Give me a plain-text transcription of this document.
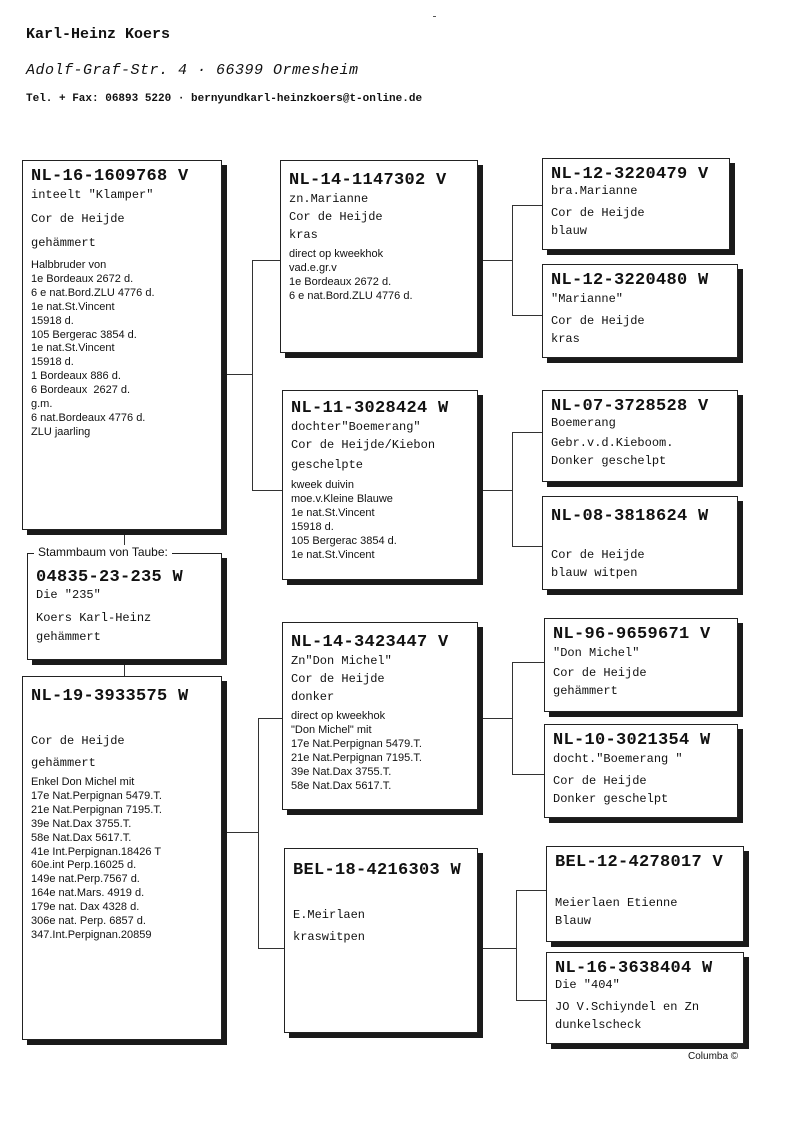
Karl-Heinz Koers
Adolf-Graf-Str. 4 · 66399 Ormesheim
Tel. + Fax: 06893 5220 · bernyundkarl-heinzkoers@t-online.de
NL-16-1609768 V
inteelt "Klamper"
Cor de Heijde
gehämmert
Halbbruder von
1e Bordeaux 2672 d.
6 e nat.Bord.ZLU 4776 d.
1e nat.St.Vincent
15918 d.
105 Bergerac 3854 d.
1e nat.St.Vincent
15918 d.
1 Bordeaux 886 d.
6 Bordeaux  2627 d.
g.m.
6 nat.Bordeaux 4776 d.
ZLU jaarling
Stammbaum von Taube:
04835-23-235 W
Die "235"
Koers Karl-Heinz
gehämmert
NL-19-3933575 W
Cor de Heijde
gehämmert
Enkel Don Michel mit
17e Nat.Perpignan 5479.T.
21e Nat.Perpignan 7195.T.
39e Nat.Dax 3755.T.
58e Nat.Dax 5617.T.
41e Int.Perpignan.18426 T
60e.int Perp.16025 d.
149e nat.Perp.7567 d.
164e nat.Mars. 4919 d.
179e nat. Dax 4328 d.
306e nat. Perp. 6857 d.
347.Int.Perpignan.20859
NL-14-1147302 V
zn.Marianne
Cor de Heijde
kras
direct op kweekhok
vad.e.gr.v
1e Bordeaux 2672 d.
6 e nat.Bord.ZLU 4776 d.
NL-11-3028424 W
dochter"Boemerang"
Cor de Heijde/Kiebon
geschelpte
kweek duivin
moe.v.Kleine Blauwe
1e nat.St.Vincent
15918 d.
105 Bergerac 3854 d.
1e nat.St.Vincent
NL-14-3423447 V
Zn"Don Michel"
Cor de Heijde
donker
direct op kweekhok
"Don Michel" mit
17e Nat.Perpignan 5479.T.
21e Nat.Perpignan 7195.T.
39e Nat.Dax 3755.T.
58e Nat.Dax 5617.T.
BEL-18-4216303 W
E.Meirlaen
kraswitpen
NL-12-3220479 V
bra.Marianne
Cor de Heijde
blauw
NL-12-3220480 W
"Marianne"
Cor de Heijde
kras
NL-07-3728528 V
Boemerang
Gebr.v.d.Kieboom.
Donker geschelpt
NL-08-3818624 W
Cor de Heijde
blauw witpen
NL-96-9659671 V
"Don Michel"
Cor de Heijde
gehämmert
NL-10-3021354 W
docht."Boemerang "
Cor de Heijde
Donker geschelpt
BEL-12-4278017 V
Meierlaen Etienne
Blauw
NL-16-3638404 W
Die "404"
JO V.Schiyndel en Zn
dunkelscheck
Columba ©
